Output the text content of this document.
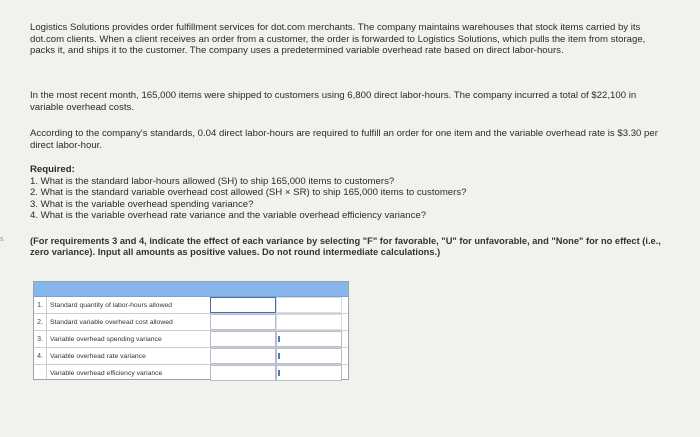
Logistics Solutions provides order fulfillment services for dot.com merchants. The company maintains warehouses that stock items carried by its dot.com clients. When a client receives an order from a customer, the order is forwarded to Logistics Solutions, which pulls the item from storage, packs it, and ships it to the customer. The company uses a predetermined variable overhead rate based on direct labor-hours.

In the most recent month, 165,000 items were shipped to customers using 6,800 direct labor-hours. The company incurred a total of $22,100 in variable overhead costs.

According to the company's standards, 0.04 direct labor-hours are required to fulfill an order for one item and the variable overhead rate is $3.30 per direct labor-hour.

Required:
1. What is the standard labor-hours allowed (SH) to ship 165,000 items to customers?
2. What is the standard variable overhead cost allowed (SH × SR) to ship 165,000 items to customers?
3. What is the variable overhead spending variance?
4. What is the variable overhead rate variance and the variable overhead efficiency variance?
(For requirements 3 and 4, indicate the effect of each variance by selecting "F" for favorable, "U" for unfavorable, and "None" for no effect (i.e., zero variance). Input all amounts as positive values. Do not round intermediate calculations.)
s
1.	Standard quantity of labor-hours allowed
2.	Standard variable overhead cost allowed
3.	Variable overhead spending variance
4.	Variable overhead rate variance
Variable overhead efficiency variance
